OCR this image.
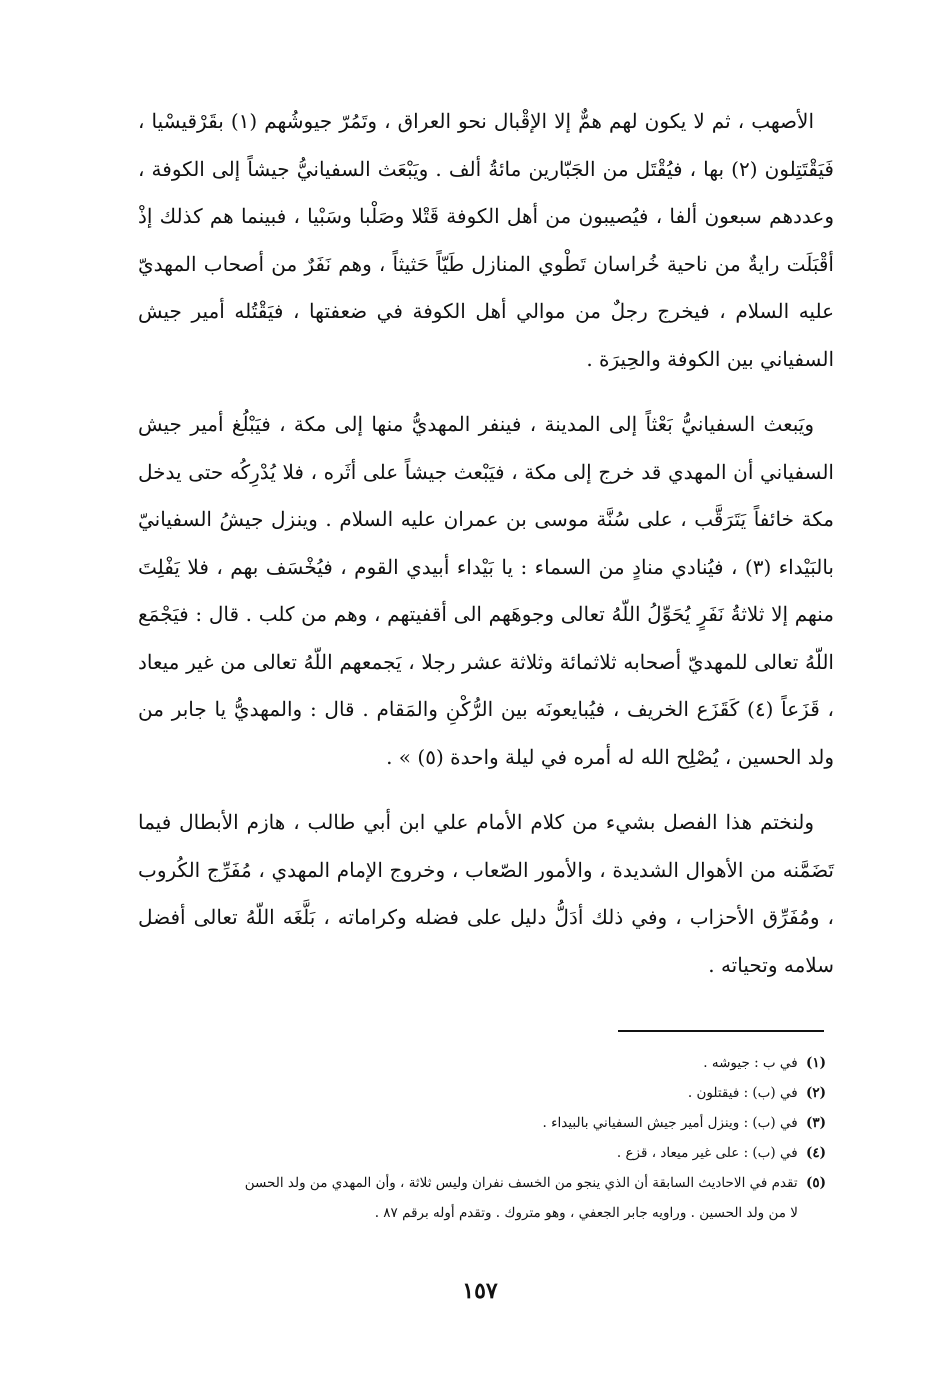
الأصهب ، ثم لا يكون لهم همٌّ إلا الإقْبال نحو العراق ، وتَمُرّ جيوشُهم (١) بقَرْقيسْيا ، فَيَقْتَتِلون (٢) بها ، فيُقْتَل من الجَبّارين مائةُ ألف . ويَبْعَث السفيانيُّ جيشاً إلى الكوفة ، وعددهم سبعون ألفا ، فيُصيبون من أهل الكوفة قَتْلا وصَلْبا وسَبْيا ، فبينما هم كذلك إذْ أقْبَلَت رايةٌ من ناحية خُراسان تَطْوي المنازل طَيّاً حَثيثاً ، وهم نَفَرٌ من أصحاب المهديّ عليه السلام ، فيخرج رجلٌ من موالي أهل الكوفة في ضعفتها ، فيَقْتُله أمير جيش السفياني بين الكوفة والحِيرَة .

ويَبعث السفيانيُّ بَعْثاً إلى المدينة ، فينفر المهديُّ منها إلى مكة ، فيَبْلُغ أمير جيش السفياني أن المهدي قد خرج إلى مكة ، فيَبْعث جيشاً على أثَره ، فلا يُدْرِكُه حتى يدخل مكة خائفاً يَتَرَقَّب ، على سُنَّة موسى بن عمران عليه السلام . وينزل جيشُ السفيانيّ بالبَيْداء (٣) ، فيُنادي منادٍ من السماء : يا بَيْداء أبيدي القوم ، فيُخْسَف بهم ، فلا يَفْلِتَ منهم إلا ثلاثةُ نَفَرٍ يُحَوِّلُ اللّهُ تعالى وجوهَهم الى أقفيتهم ، وهم من كلب . قال : فيَجْمَع اللّهُ تعالى للمهديّ أصحابه ثلاثمائة وثلاثة عشر رجلا ، يَجمعهم اللّهُ تعالى من غير ميعاد ، قَزَعاً (٤) كَقَزَع الخريف ، فيُبايعونَه بين الرُّكْنِ والمَقام . قال : والمهديُّ يا جابر من ولد الحسين ، يُصْلِح الله له أمره في ليلة واحدة (٥) » .

ولنختم هذا الفصل بشيء من كلام الأمام علي ابن أبي طالب ، هازم الأبطال فيما تَضَمَّنه من الأهوال الشديدة ، والأمور الصّعاب ، وخروج الإمام المهدي ، مُفَرِّج الكُروب ، ومُفَرِّق الأحزاب ، وفي ذلك أدَلُّ دليل على فضله وكراماته ، بَلَّغَه اللّهُ تعالى أفضل سلامه وتحياته .

(١) في ب : جيوشه .

(٢) في (ب) : فيقتلون .

(٣) في (ب) : وينزل أمير جيش السفياني بالبيداء .

(٤) في (ب) : على غير ميعاد ، قزع .

(٥) تقدم في الاحاديث السابقة أن الذي ينجو من الخسف نفران وليس ثلاثة ، وأن المهدي من ولد الحسن

لا من ولد الحسين . وراويه جابر الجعفي ، وهو متروك . وتقدم أوله برقم ٨٧ .

١٥٧
